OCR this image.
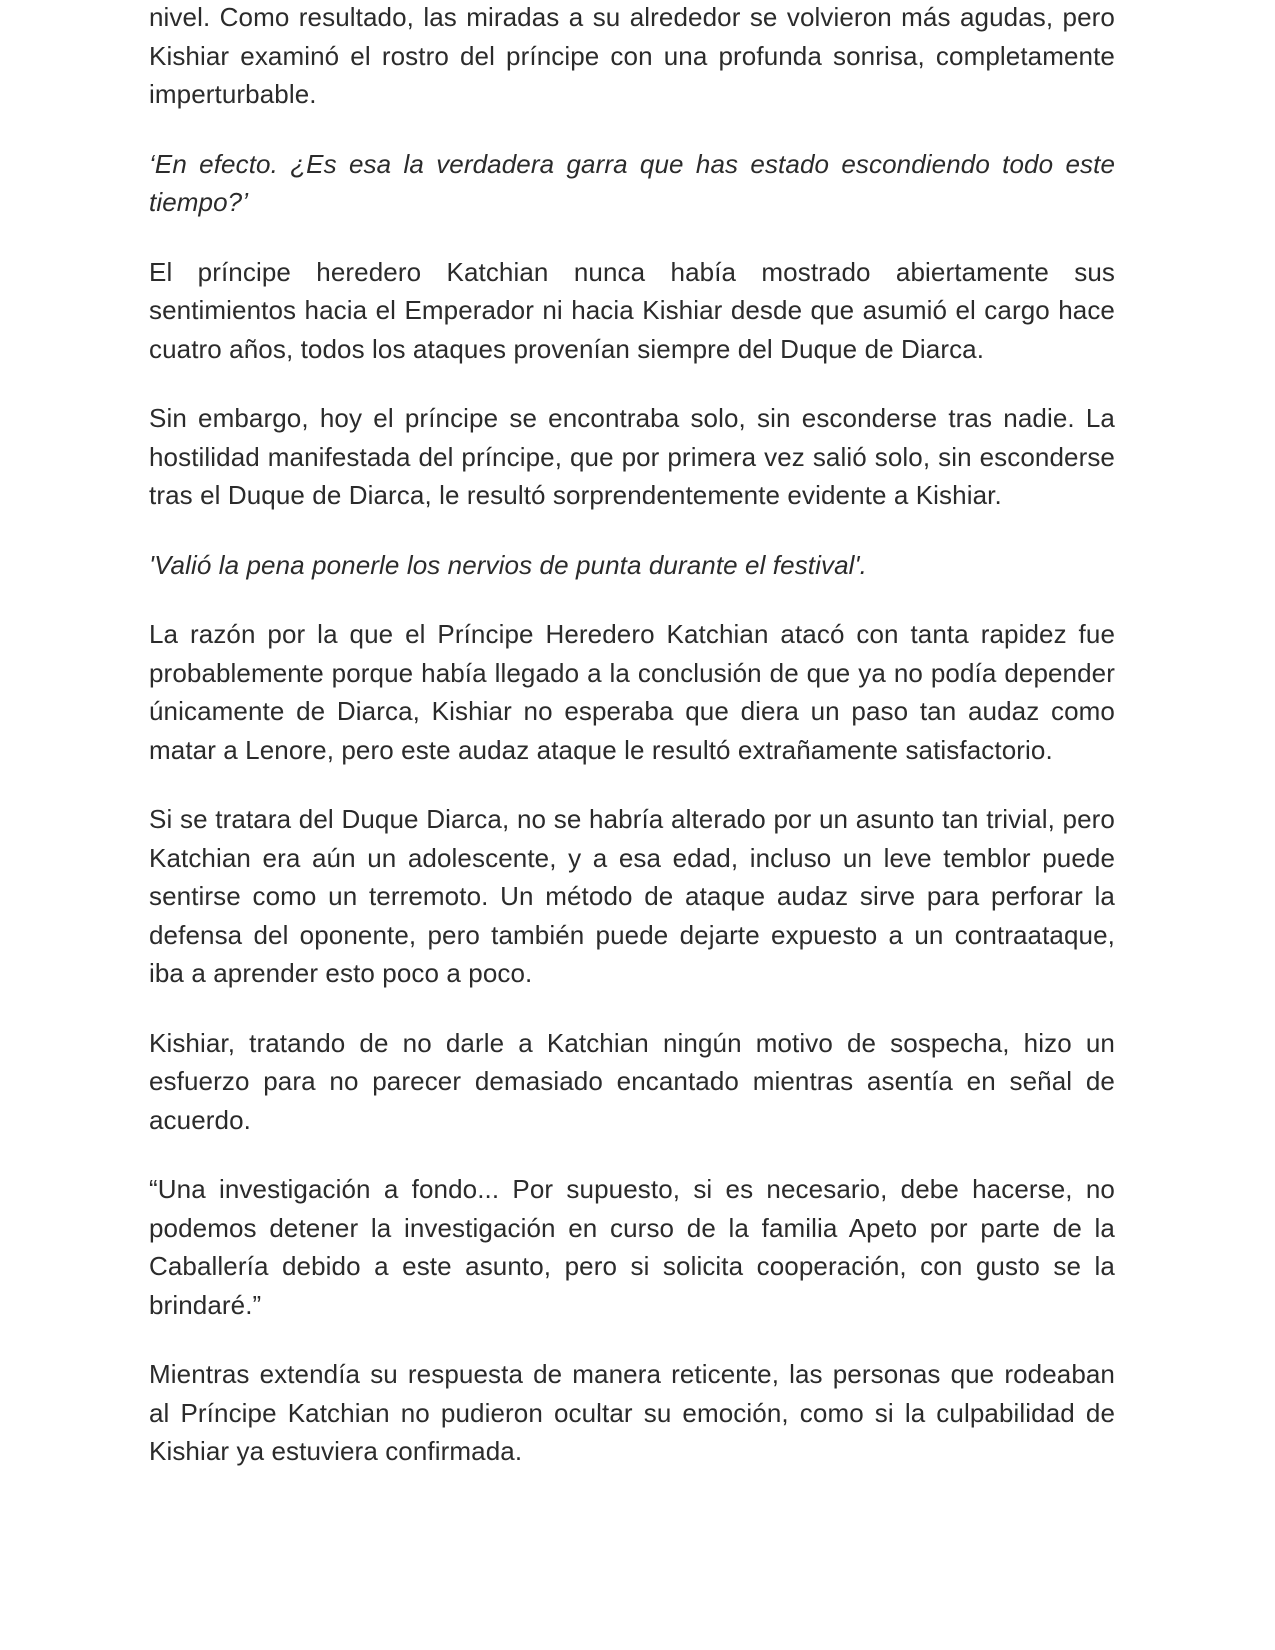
nivel. Como resultado, las miradas a su alrededor se volvieron más agudas, pero Kishiar examinó el rostro del príncipe con una profunda sonrisa, completamente imperturbable.

‘En efecto. ¿Es esa la verdadera garra que has estado escondiendo todo este tiempo?’

El príncipe heredero Katchian nunca había mostrado abiertamente sus sentimientos hacia el Emperador ni hacia Kishiar desde que asumió el cargo hace cuatro años, todos los ataques provenían siempre del Duque de Diarca.

Sin embargo, hoy el príncipe se encontraba solo, sin esconderse tras nadie. La hostilidad manifestada del príncipe, que por primera vez salió solo, sin esconderse tras el Duque de Diarca, le resultó sorprendentemente evidente a Kishiar.

'Valió la pena ponerle los nervios de punta durante el festival'.

La razón por la que el Príncipe Heredero Katchian atacó con tanta rapidez fue probablemente porque había llegado a la conclusión de que ya no podía depender únicamente de Diarca, Kishiar no esperaba que diera un paso tan audaz como matar a Lenore, pero este audaz ataque le resultó extrañamente satisfactorio.

Si se tratara del Duque Diarca, no se habría alterado por un asunto tan trivial, pero Katchian era aún un adolescente, y a esa edad, incluso un leve temblor puede sentirse como un terremoto. Un método de ataque audaz sirve para perforar la defensa del oponente, pero también puede dejarte expuesto a un contraataque, iba a aprender esto poco a poco.

Kishiar, tratando de no darle a Katchian ningún motivo de sospecha, hizo un esfuerzo para no parecer demasiado encantado mientras asentía en señal de acuerdo.

“Una investigación a fondo... Por supuesto, si es necesario, debe hacerse, no podemos detener la investigación en curso de la familia Apeto por parte de la Caballería debido a este asunto, pero si solicita cooperación, con gusto se la brindaré.”

Mientras extendía su respuesta de manera reticente, las personas que rodeaban al Príncipe Katchian no pudieron ocultar su emoción, como si la culpabilidad de Kishiar ya estuviera confirmada.
